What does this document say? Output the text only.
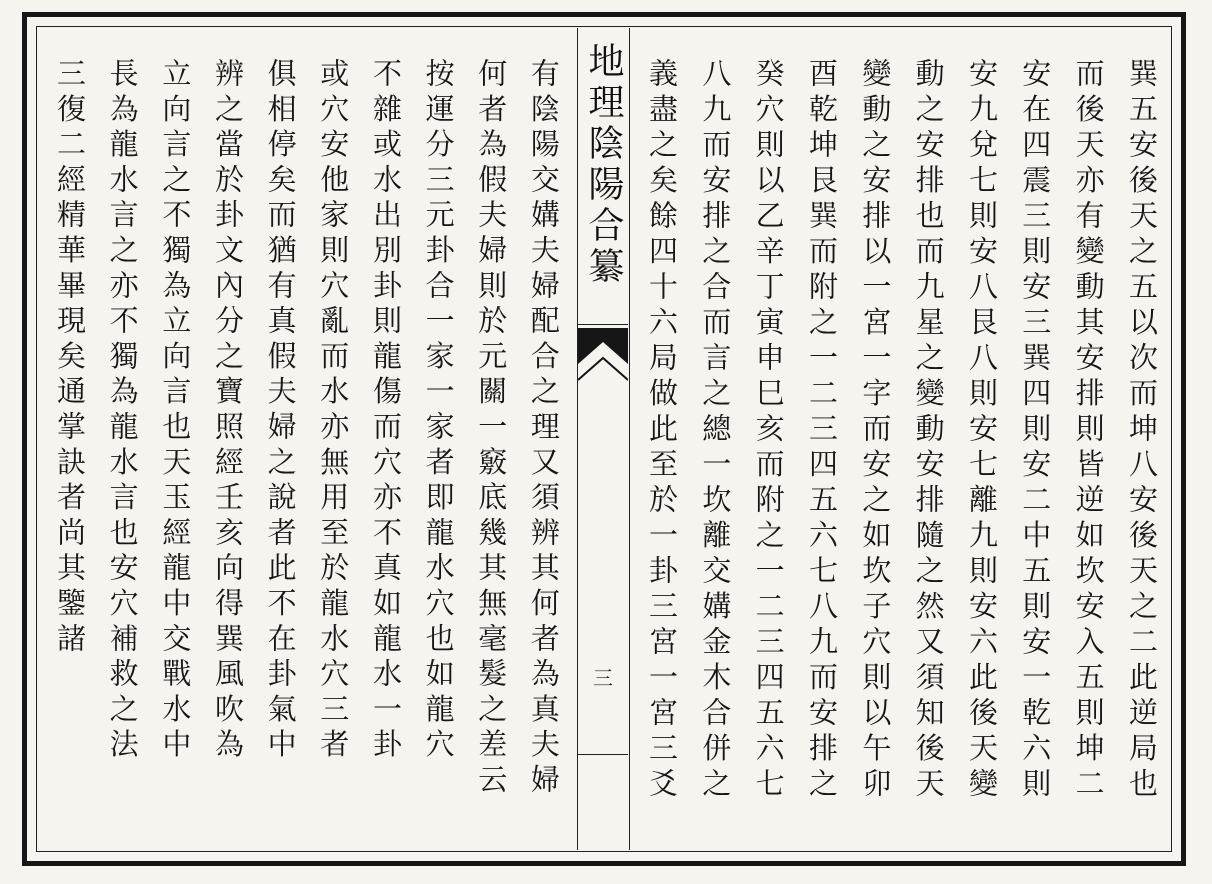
巽五安後天之五以次而坤八安後天之二此逆局也
而後天亦有變動其安排則皆逆如坎安入五則坤二
安在四震三則安三巽四則安二中五則安一乾六則
安九兌七則安八艮八則安七離九則安六此後天變
動之安排也而九星之變動安排隨之然又須知後天
變動之安排以一宮一字而安之如坎子穴則以午卯
酉乾坤艮巽而附之一二三四五六七八九而安排之
癸穴則以乙辛丁寅申巳亥而附之一二三四五六七
八九而安排之合而言之總一坎離交媾金木合併之
義盡之矣餘四十六局做此至於一卦三宮一宮三爻
地理陰陽合纂
三
有陰陽交媾夫婦配合之理又須辨其何者為真夫婦
何者為假夫婦則於元關一竅底幾其無毫髮之差云
按運分三元卦合一家一家者即龍水穴也如龍穴
不雜或水出別卦則龍傷而穴亦不真如龍水一卦
或穴安他家則穴亂而水亦無用至於龍水穴三者
俱相停矣而猶有真假夫婦之說者此不在卦氣中
辨之當於卦文內分之寶照經壬亥向得巽風吹為
立向言之不獨為立向言也天玉經龍中交戰水中
長為龍水言之亦不獨為龍水言也安穴補救之法
三復二經精華畢現矣通掌訣者尚其鑒諸
